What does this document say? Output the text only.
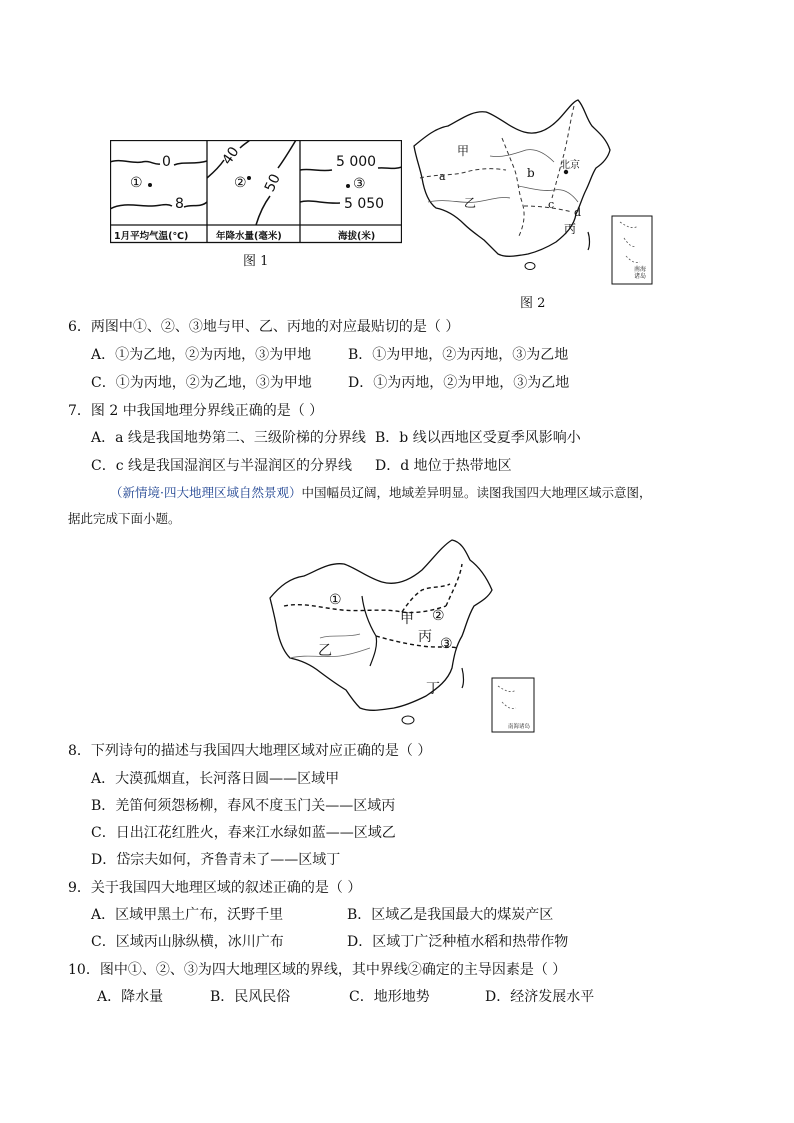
0
①
8
1月平均气温(℃)
40
② 50
年降水量(毫米)
5 000
③
5 050
海拔(米)
图 1
甲
a
乙
b
北京
c
d
丙
南海诸岛
图 2
6．两图中①、②、③地与甲、乙、丙地的对应最贴切的是（ ）
A．①为乙地，②为丙地，③为甲地	B．①为甲地，②为丙地，③为乙地
C．①为丙地，②为乙地，③为甲地	D．①为丙地，②为甲地，③为乙地
7．图 2 中我国地理分界线正确的是（ ）
A．a 线是我国地势第二、三级阶梯的分界线 B．b 线以西地区受夏季风影响小
C．c 线是我国湿润区与半湿润区的分界线 D．d 地位于热带地区
（新情境·四大地理区域自然景观）中国幅员辽阔，地域差异明显。读图我国四大地理区域示意图，
据此完成下面小题。
①
甲 ②
丙 ③
乙
丁
南海诸岛
8．下列诗句的描述与我国四大地理区域对应正确的是（ ）
A．大漠孤烟直，长河落日圆——区域甲
B．羌笛何须怨杨柳，春风不度玉门关——区域丙
C．日出江花红胜火，春来江水绿如蓝——区域乙
D．岱宗夫如何，齐鲁青未了——区域丁
9．关于我国四大地理区域的叙述正确的是（ ）
A．区域甲黑土广布，沃野千里	B．区域乙是我国最大的煤炭产区
C．区域丙山脉纵横，冰川广布	D．区域丁广泛种植水稻和热带作物
10．图中①、②、③为四大地理区域的界线，其中界线②确定的主导因素是（ ）
A．降水量	B．民风民俗	C．地形地势	D．经济发展水平
